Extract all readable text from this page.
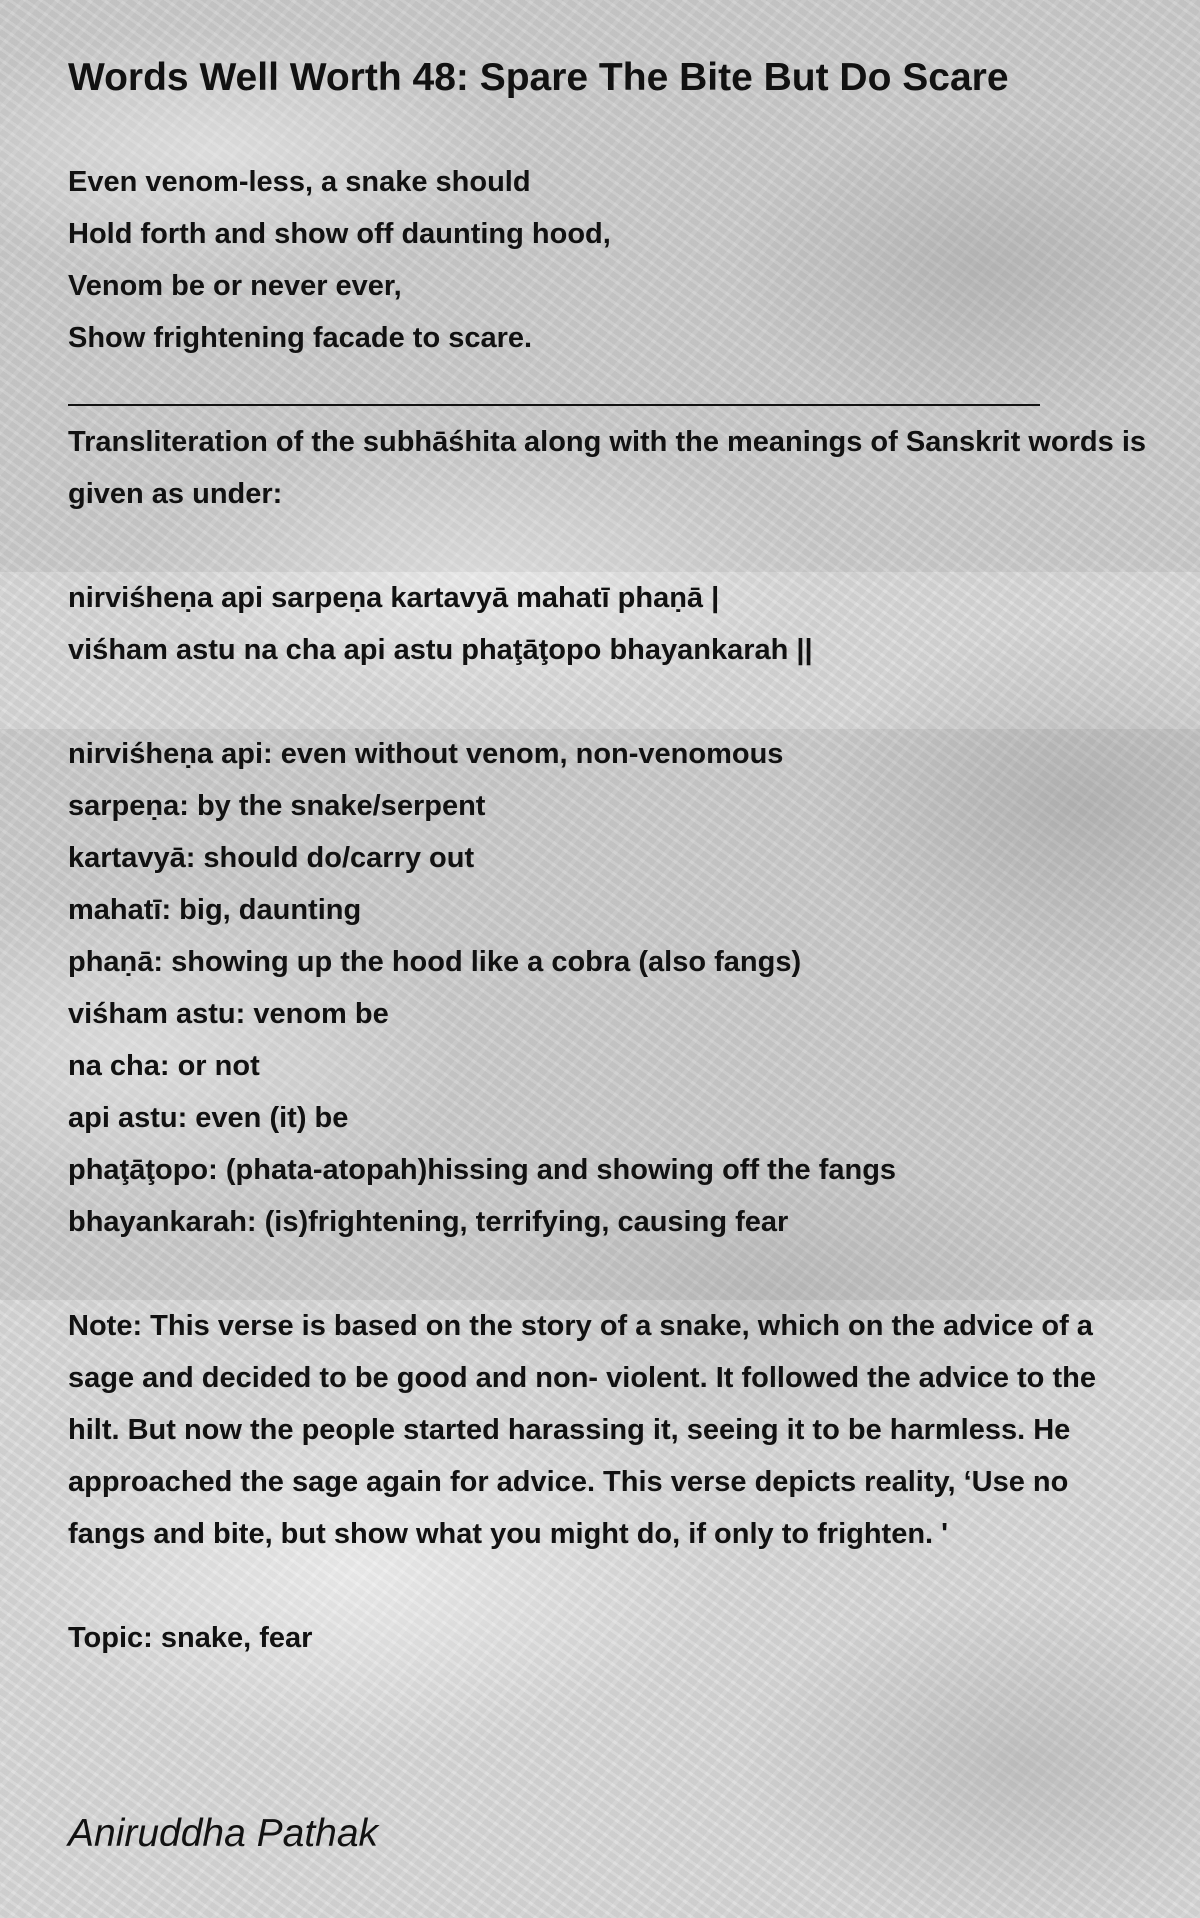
Words Well Worth 48: Spare The Bite But Do Scare
Even venom-less, a snake should
Hold forth and show off daunting hood,
Venom be or never ever,
Show frightening facade to scare.
Transliteration of the subhāśhita along with the meanings of Sanskrit words is given as under:
nirviśheṇa api sarpeṇa kartavyā mahatī phaṇā |
viśham astu na cha api astu phaţāţopo bhayankarah ||
nirviśheṇa api: even without venom, non-venomous
sarpeṇa: by the snake/serpent
kartavyā: should do/carry out
mahatī: big, daunting
phaṇā: showing up the hood like a cobra (also fangs)
viśham astu: venom be
na cha: or not
api astu: even (it) be
phaţāţopo: (phata-atopah)hissing and showing off the fangs
bhayankarah: (is)frightening, terrifying, causing fear
Note: This verse is based on the story of a snake, which on the advice of a sage and decided to be good and non- violent. It followed the advice to the hilt. But now the people started harassing it, seeing it to be harmless. He approached the sage again for advice. This verse depicts reality, ‘Use no fangs and bite, but show what you might do, if only to frighten. '
Topic: snake, fear
Aniruddha Pathak
